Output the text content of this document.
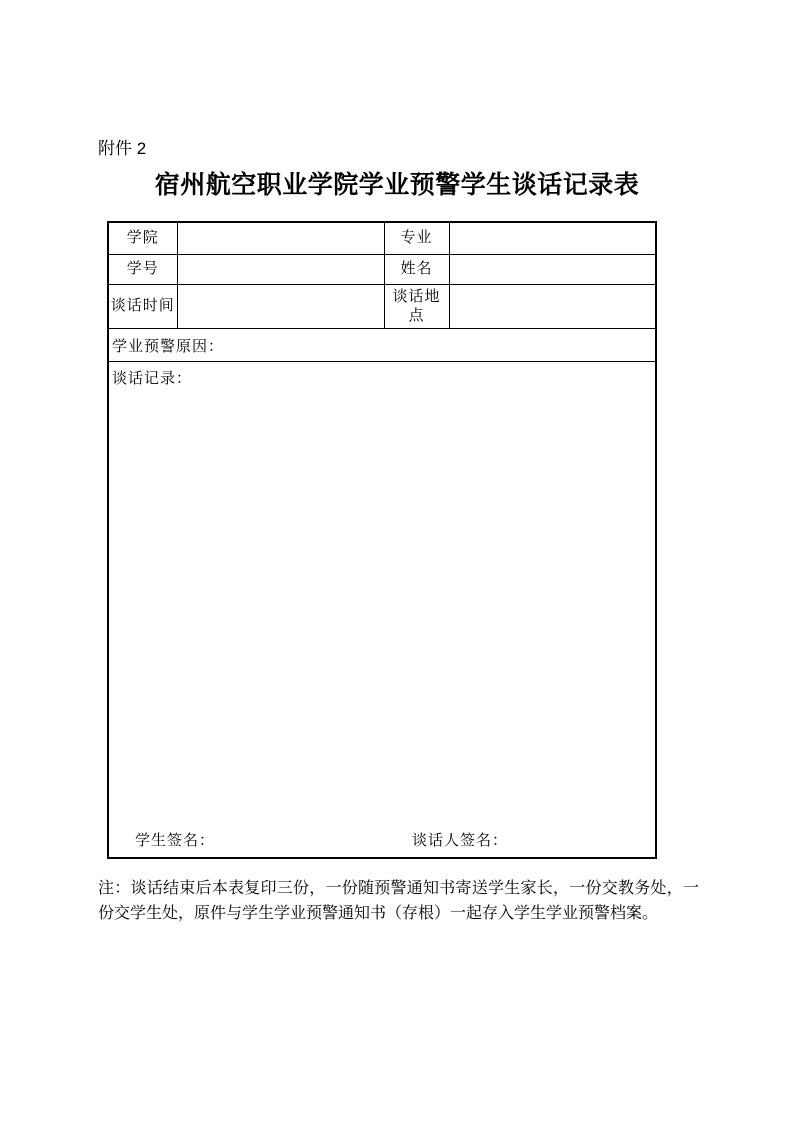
附件 2
宿州航空职业学院学业预警学生谈话记录表
学院		专业	
学号		姓名	
谈话时间		谈话地点	
学业预警原因：			

谈话记录：
学生签名： 谈话人签名：			
注：谈话结束后本表复印三份，一份随预警通知书寄送学生家长，一份交教务处，一份交学生处，原件与学生学业预警通知书（存根）一起存入学生学业预警档案。
